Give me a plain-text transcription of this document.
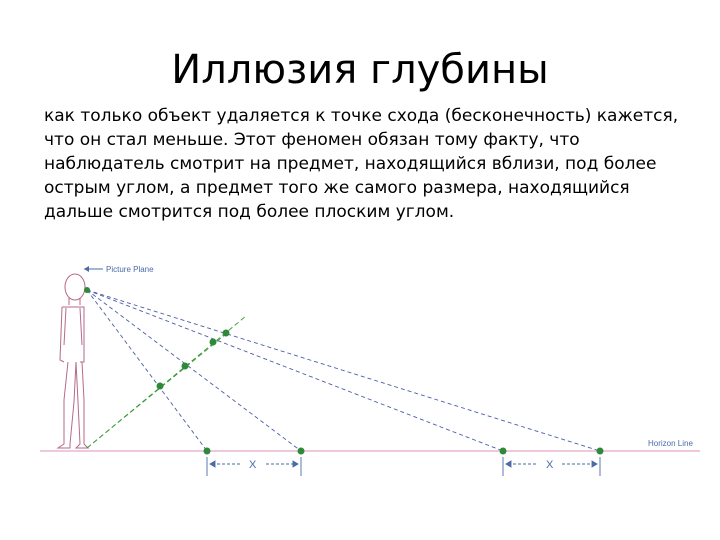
Иллюзия глубины

как только объект удаляется к точке схода (бесконечность) кажется, что он стал меньше. Этот феномен обязан тому факту, что наблюдатель смотрит на предмет, находящийся вблизи, под более острым углом, а предмет того же самого размера, находящийся дальше смотрится под более плоским углом.

Picture Plane
Horizon Line
X	X
